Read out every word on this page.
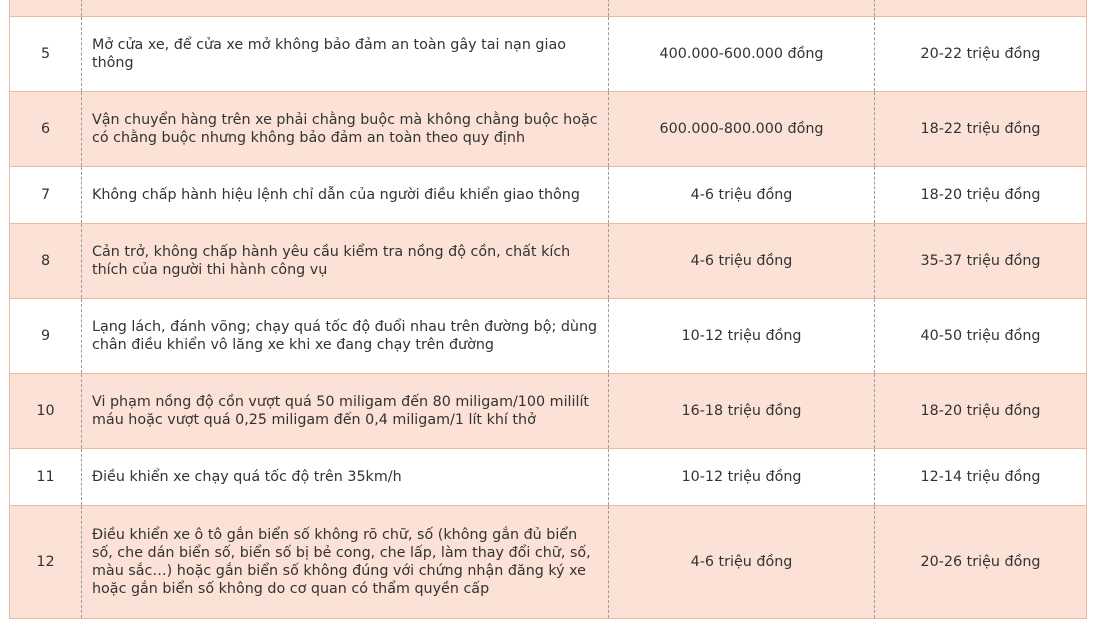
5	Mở cửa xe, để cửa xe mở không bảo đảm an toàn gây tai nạn giao thông	400.000-600.000 đồng	20-22 triệu đồng
6	Vận chuyển hàng trên xe phải chằng buộc mà không chằng buộc hoặc có chằng buộc nhưng không bảo đảm an toàn theo quy định	600.000-800.000 đồng	18-22 triệu đồng
7	Không chấp hành hiệu lệnh chỉ dẫn của người điều khiển giao thông	4-6 triệu đồng	18-20 triệu đồng
8	Cản trở, không chấp hành yêu cầu kiểm tra nồng độ cồn, chất kích thích của người thi hành công vụ	4-6 triệu đồng	35-37 triệu đồng
9	Lạng lách, đánh võng; chạy quá tốc độ đuổi nhau trên đường bộ; dùng chân điều khiển vô lăng xe khi xe đang chạy trên đường	10-12 triệu đồng	40-50 triệu đồng
10	Vi phạm nồng độ cồn vượt quá 50 miligam đến 80 miligam/100 mililít máu hoặc vượt quá 0,25 miligam đến 0,4 miligam/1 lít khí thở	16-18 triệu đồng	18-20 triệu đồng
11	Điều khiển xe chạy quá tốc độ trên 35km/h	10-12 triệu đồng	12-14 triệu đồng
12	Điều khiển xe ô tô gắn biển số không rõ chữ, số (không gắn đủ biển số, che dán biển số, biển số bị bẻ cong, che lấp, làm thay đổi chữ, số, màu sắc…) hoặc gắn biển số không đúng với chứng nhận đăng ký xe hoặc gắn biển số không do cơ quan có thẩm quyền cấp	4-6 triệu đồng	20-26 triệu đồng
